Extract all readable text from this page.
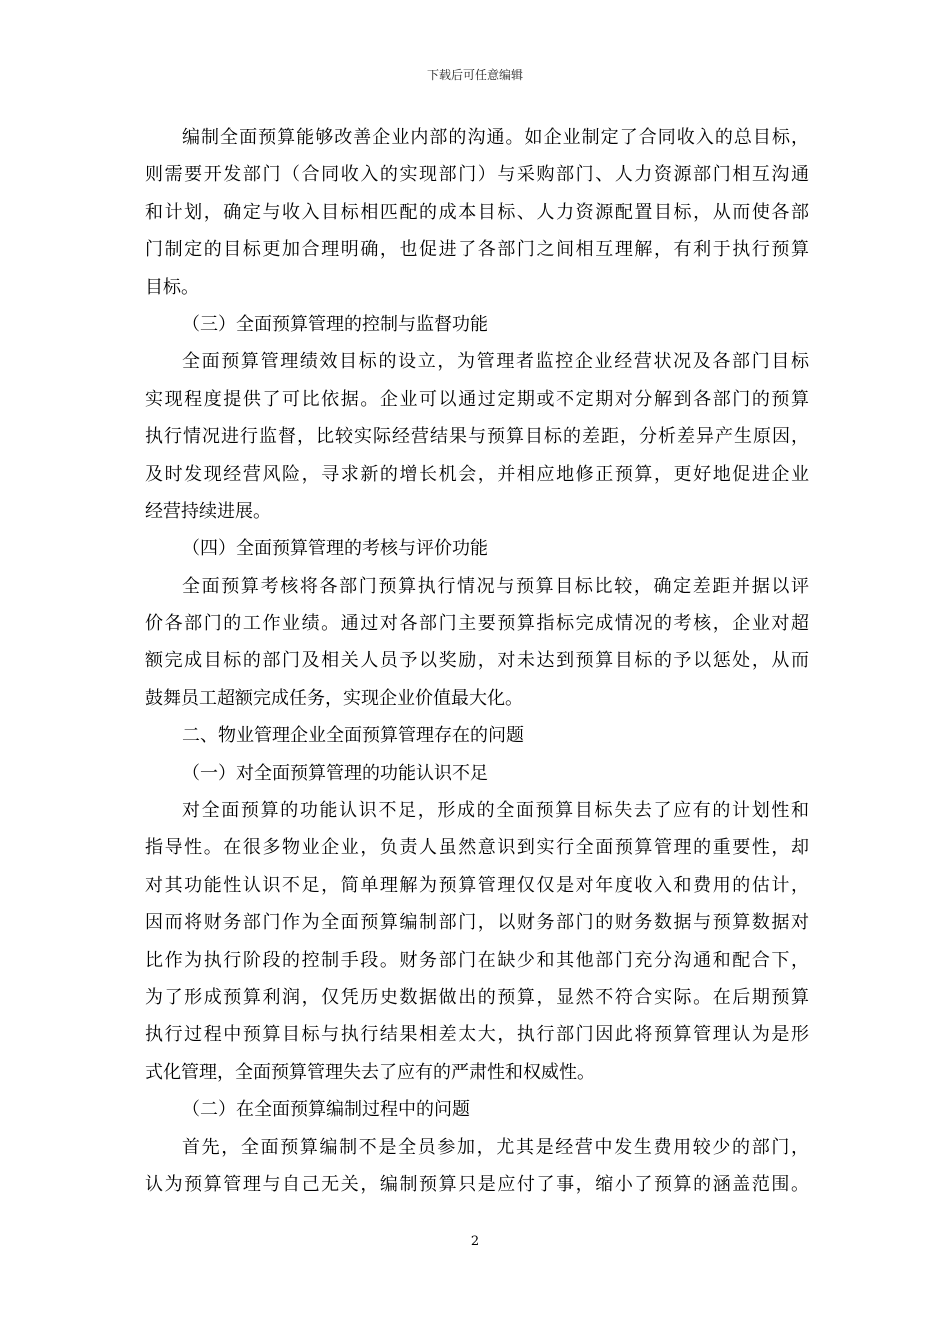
下载后可任意编辑
编制全面预算能够改善企业内部的沟通。如企业制定了合同收入的总目标，
则需要开发部门（合同收入的实现部门）与采购部门、人力资源部门相互沟通
和计划，确定与收入目标相匹配的成本目标、人力资源配置目标，从而使各部
门制定的目标更加合理明确，也促进了各部门之间相互理解，有利于执行预算
目标。
（三）全面预算管理的控制与监督功能
全面预算管理绩效目标的设立，为管理者监控企业经营状况及各部门目标
实现程度提供了可比依据。企业可以通过定期或不定期对分解到各部门的预算
执行情况进行监督，比较实际经营结果与预算目标的差距，分析差异产生原因，
及时发现经营风险，寻求新的增长机会，并相应地修正预算，更好地促进企业
经营持续进展。
（四）全面预算管理的考核与评价功能
全面预算考核将各部门预算执行情况与预算目标比较，确定差距并据以评
价各部门的工作业绩。通过对各部门主要预算指标完成情况的考核，企业对超
额完成目标的部门及相关人员予以奖励，对未达到预算目标的予以惩处，从而
鼓舞员工超额完成任务，实现企业价值最大化。
二、物业管理企业全面预算管理存在的问题
（一）对全面预算管理的功能认识不足
对全面预算的功能认识不足，形成的全面预算目标失去了应有的计划性和
指导性。在很多物业企业，负责人虽然意识到实行全面预算管理的重要性，却
对其功能性认识不足，简单理解为预算管理仅仅是对年度收入和费用的估计，
因而将财务部门作为全面预算编制部门，以财务部门的财务数据与预算数据对
比作为执行阶段的控制手段。财务部门在缺少和其他部门充分沟通和配合下，
为了形成预算利润，仅凭历史数据做出的预算，显然不符合实际。在后期预算
执行过程中预算目标与执行结果相差太大，执行部门因此将预算管理认为是形
式化管理，全面预算管理失去了应有的严肃性和权威性。
（二）在全面预算编制过程中的问题
首先，全面预算编制不是全员参加，尤其是经营中发生费用较少的部门，
认为预算管理与自己无关，编制预算只是应付了事，缩小了预算的涵盖范围。
2
